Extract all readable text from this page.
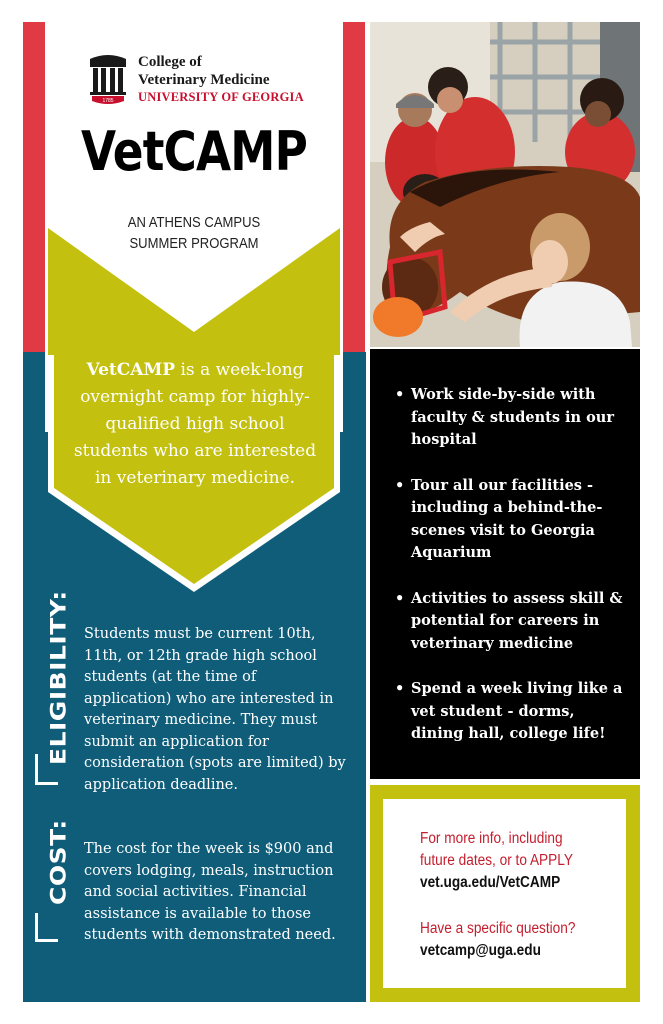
1785
College of
Veterinary Medicine
UNIVERSITY OF GEORGIA
VetCAMP
AN ATHENS CAMPUS
SUMMER PROGRAM
VetCAMP is a week-long overnight camp for highly-qualified high school students who are interested in veterinary medicine.
ELIGIBILITY: Students must be current 10th, 11th, or 12th grade high school students (at the time of application) who are interested in veterinary medicine. They must submit an application for consideration (spots are limited) by application deadline.
COST: The cost for the week is $900 and covers lodging, meals, instruction and social activities. Financial assistance is available to those students with demonstrated need.
• Work side-by-side with faculty & students in our hospital
• Tour all our facilities - including a behind-the-scenes visit to Georgia Aquarium
• Activities to assess skill & potential for careers in veterinary medicine
• Spend a week living like a vet student - dorms, dining hall, college life!
For more info, including future dates, or to APPLY
vet.uga.edu/VetCAMP
Have a specific question?
vetcamp@uga.edu
